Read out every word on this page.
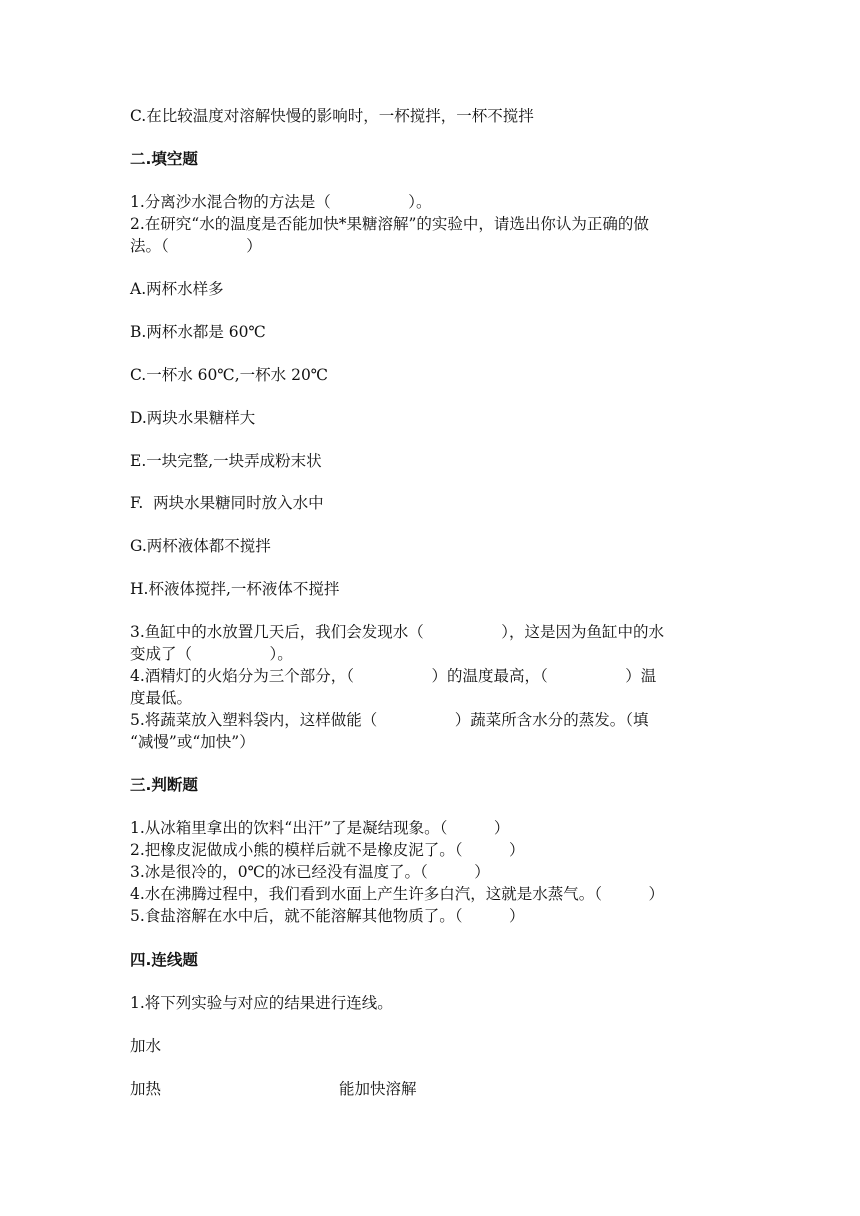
C.在比较温度对溶解快慢的影响时，一杯搅拌，一杯不搅拌
二.填空题
1.分离沙水混合物的方法是（　　　　　）。
2.在研究“水的温度是否能加快*果糖溶解”的实验中，请选出你认为正确的做
法。（　　　　　）
A.两杯水样多
B.两杯水都是 60℃
C.一杯水 60℃,一杯水 20℃
D.两块水果糖样大
E.一块完整,一块弄成粉末状
F.  两块水果糖同时放入水中
G.两杯液体都不搅拌
H.杯液体搅拌,一杯液体不搅拌
3.鱼缸中的水放置几天后，我们会发现水（　　　　　），这是因为鱼缸中的水
变成了（　　　　　）。
4.酒精灯的火焰分为三个部分，（　　　　　）的温度最高，（　　　　　）温
度最低。
5.将蔬菜放入塑料袋内，这样做能（　　　　　）蔬菜所含水分的蒸发。（填
“减慢”或“加快”）
三.判断题
1.从冰箱里拿出的饮料“出汗”了是凝结现象。（　　　）
2.把橡皮泥做成小熊的模样后就不是橡皮泥了。（　　　）
3.冰是很冷的，0℃的冰已经没有温度了。（　　　）
4.水在沸腾过程中，我们看到水面上产生许多白汽，这就是水蒸气。（　　　）
5.食盐溶解在水中后，就不能溶解其他物质了。（　　　）
四.连线题
1.将下列实验与对应的结果进行连线。
加水
加热	能加快溶解
